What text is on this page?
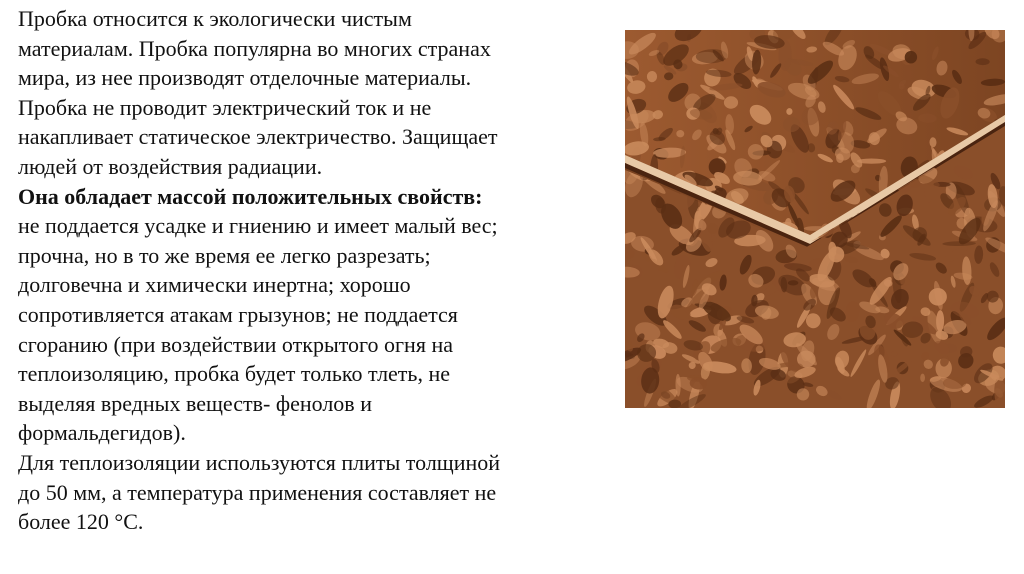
Пробка относится к экологически чистым
материалам. Пробка популярна во многих странах
мира, из нее производят отделочные материалы.
Пробка не проводит электрический ток и не
накапливает статическое электричество. Защищает
людей от воздействия радиации.
Она обладает массой положительных свойств:
не поддается усадке и гниению и имеет малый вес;
прочна, но в то же время ее легко разрезать;
долговечна и химически инертна; хорошо
сопротивляется атакам грызунов; не поддается
сгоранию (при воздействии открытого огня на
теплоизоляцию, пробка будет только тлеть, не
выделяя вредных веществ- фенолов и
формальдегидов).
Для теплоизоляции используются плиты толщиной
до 50 мм, а температура применения составляет не
более 120 °C.
